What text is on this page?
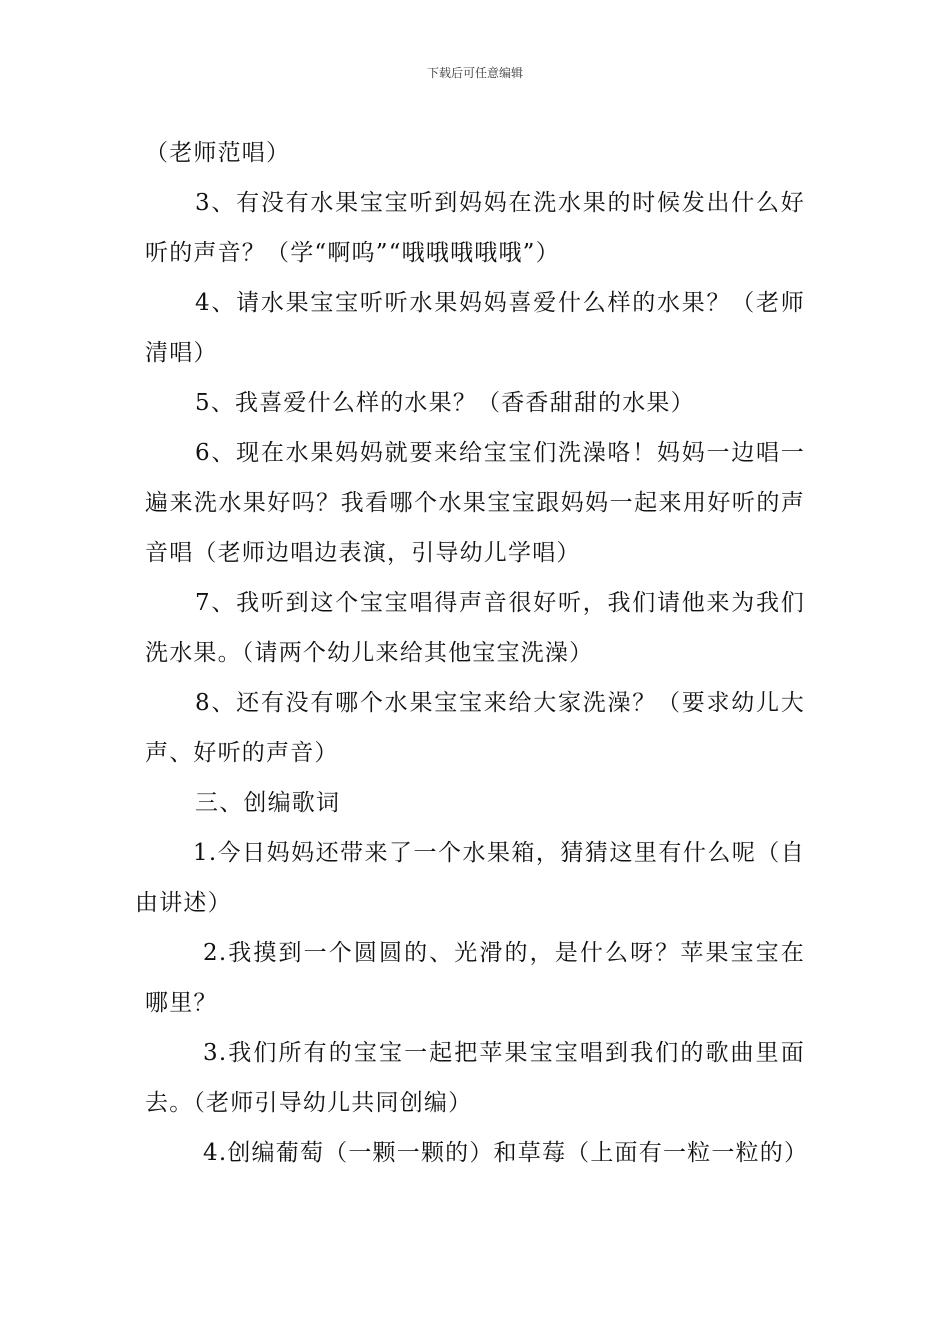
下载后可任意编辑

（老师范唱）

3、有没有水果宝宝听到妈妈在洗水果的时候发出什么好听的声音？（学“啊呜”“哦哦哦哦哦”）

4、请水果宝宝听听水果妈妈喜爱什么样的水果？（老师清唱）

5、我喜爱什么样的水果？（香香甜甜的水果）

6、现在水果妈妈就要来给宝宝们洗澡咯！妈妈一边唱一遍来洗水果好吗？我看哪个水果宝宝跟妈妈一起来用好听的声音唱（老师边唱边表演，引导幼儿学唱）

7、我听到这个宝宝唱得声音很好听，我们请他来为我们洗水果。（请两个幼儿来给其他宝宝洗澡）

8、还有没有哪个水果宝宝来给大家洗澡？（要求幼儿大声、好听的声音）

三、创编歌词

1.今日妈妈还带来了一个水果箱，猜猜这里有什么呢（自由讲述）

2.我摸到一个圆圆的、光滑的，是什么呀？苹果宝宝在哪里？

3.我们所有的宝宝一起把苹果宝宝唱到我们的歌曲里面去。（老师引导幼儿共同创编）

4.创编葡萄（一颗一颗的）和草莓（上面有一粒一粒的）
